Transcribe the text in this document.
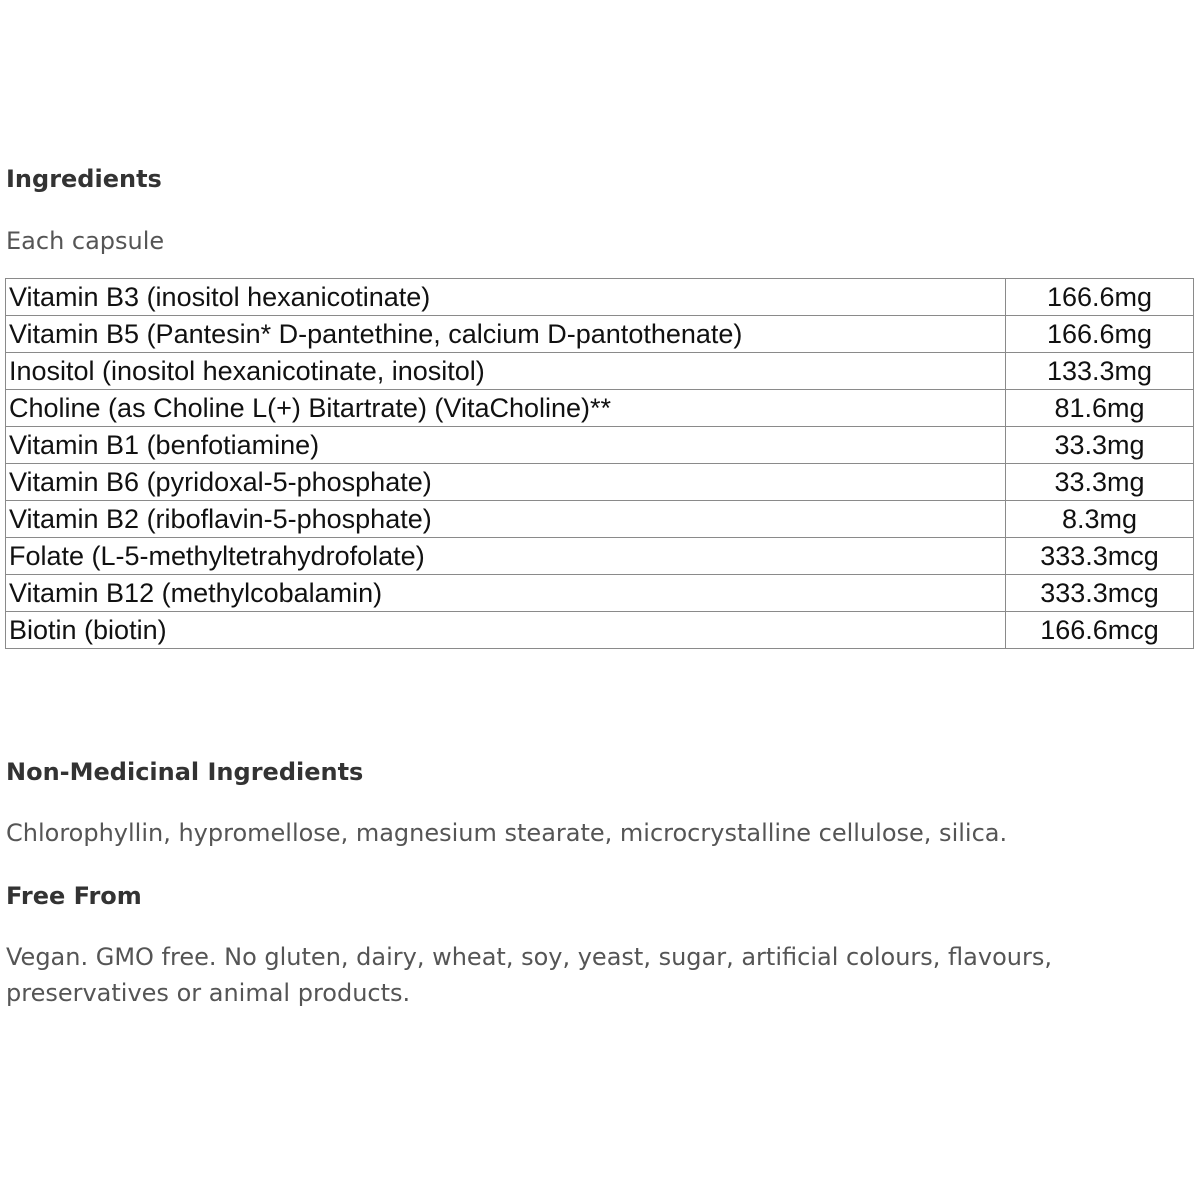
Ingredients

Each capsule

Vitamin B3 (inositol hexanicotinate)	166.6mg
Vitamin B5 (Pantesin* D-pantethine, calcium D-pantothenate)	166.6mg
Inositol (inositol hexanicotinate, inositol)	133.3mg
Choline (as Choline L(+) Bitartrate) (VitaCholine)**	81.6mg
Vitamin B1 (benfotiamine)	33.3mg
Vitamin B6 (pyridoxal-5-phosphate)	33.3mg
Vitamin B2 (riboflavin-5-phosphate)	8.3mg
Folate (L-5-methyltetrahydrofolate)	333.3mcg
Vitamin B12 (methylcobalamin)	333.3mcg
Biotin (biotin)	166.6mcg
Non-Medicinal Ingredients

Chlorophyllin, hypromellose, magnesium stearate, microcrystalline cellulose, silica.

Free From

Vegan. GMO free. No gluten, dairy, wheat, soy, yeast, sugar, artificial colours, flavours, preservatives or animal products.
